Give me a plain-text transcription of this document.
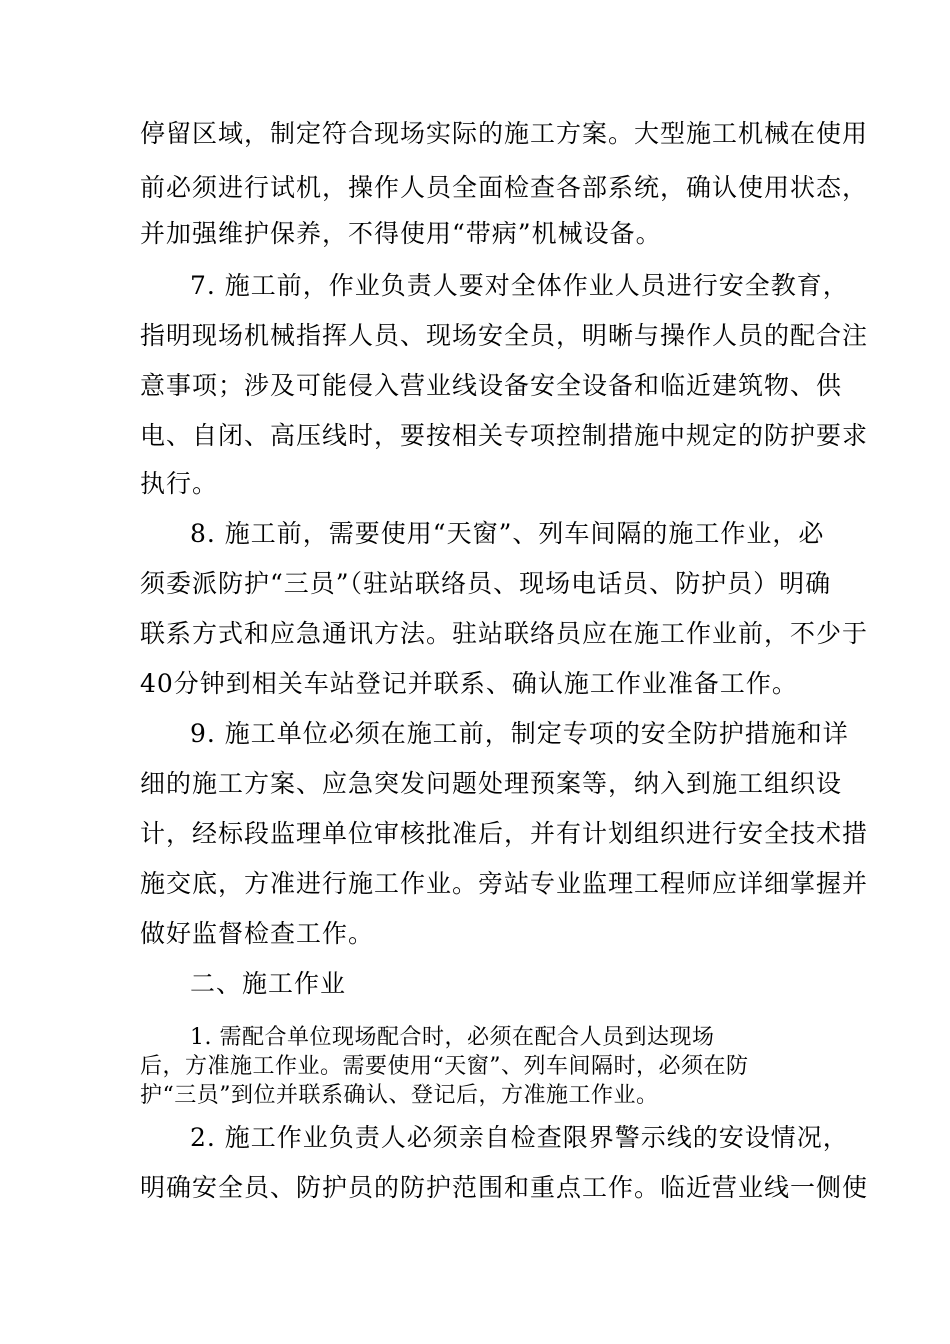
停留区域，制定符合现场实际的施工方案。大型施工机械在使用
前必须进行试机，操作人员全面检查各部系统，确认使用状态，
并加强维护保养，不得使用“带病”机械设备。
7. 施工前，作业负责人要对全体作业人员进行安全教育，
指明现场机械指挥人员、现场安全员，明晰与操作人员的配合注
意事项；涉及可能侵入营业线设备安全设备和临近建筑物、供
电、自闭、高压线时，要按相关专项控制措施中规定的防护要求
执行。
8. 施工前，需要使用“天窗”、列车间隔的施工作业，必
须委派防护“三员”（驻站联络员、现场电话员、防护员）明确
联系方式和应急通讯方法。驻站联络员应在施工作业前，不少于
40分钟到相关车站登记并联系、确认施工作业准备工作。
9. 施工单位必须在施工前，制定专项的安全防护措施和详
细的施工方案、应急突发问题处理预案等，纳入到施工组织设
计，经标段监理单位审核批准后，并有计划组织进行安全技术措
施交底，方准进行施工作业。旁站专业监理工程师应详细掌握并
做好监督检查工作。
二、施工作业
1. 需配合单位现场配合时，必须在配合人员到达现场
后，方准施工作业。需要使用“天窗”、列车间隔时，必须在防
护“三员”到位并联系确认、登记后，方准施工作业。
2. 施工作业负责人必须亲自检查限界警示线的安设情况，
明确安全员、防护员的防护范围和重点工作。临近营业线一侧使
